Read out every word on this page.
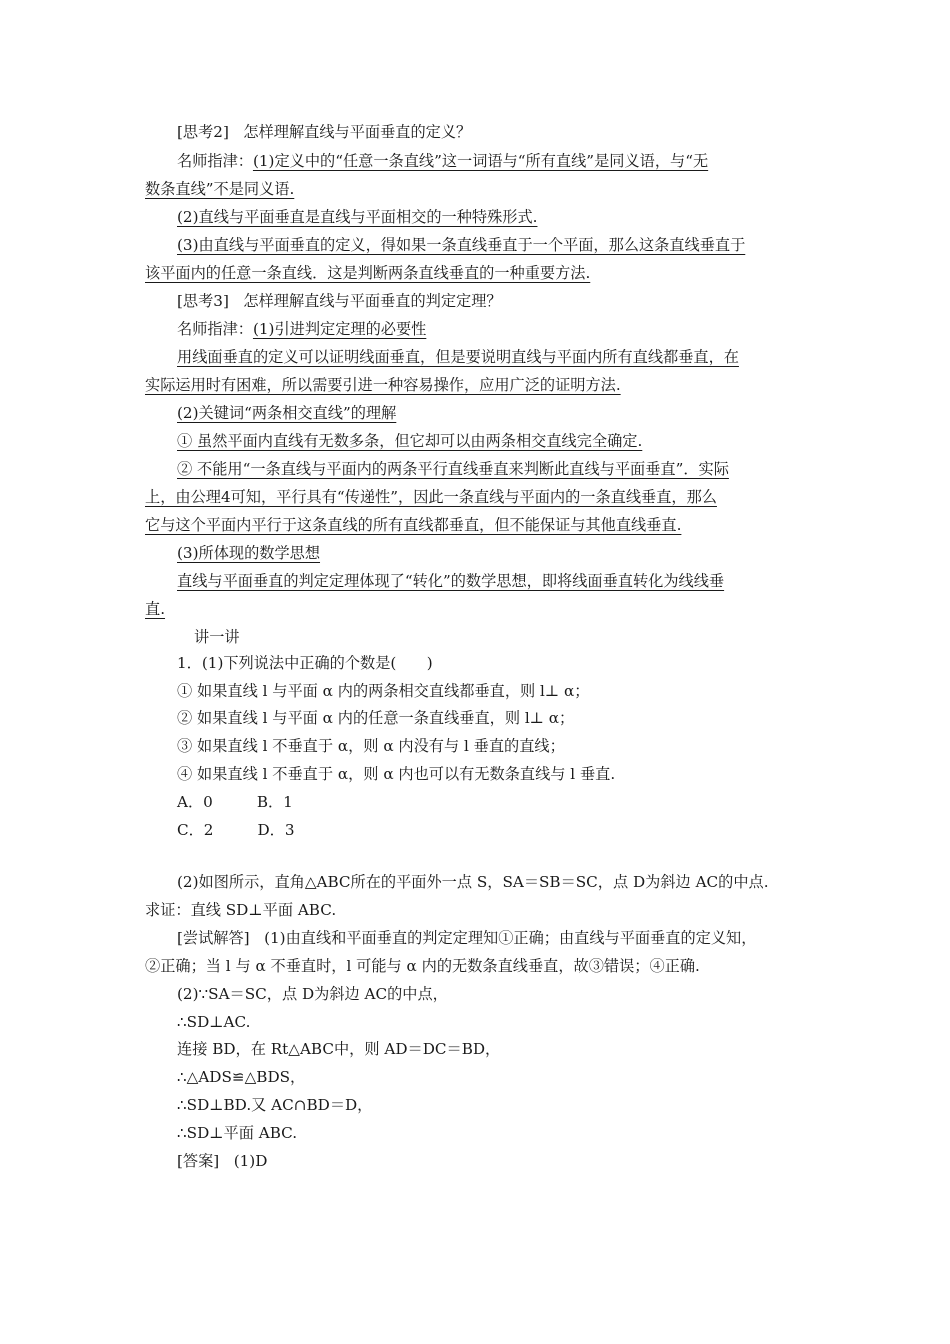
[思考2] 怎样理解直线与平面垂直的定义？
名师指津：(1)定义中的“任意一条直线”这一词语与“所有直线”是同义语，与“无
数条直线”不是同义语.
(2)直线与平面垂直是直线与平面相交的一种特殊形式.
(3)由直线与平面垂直的定义，得如果一条直线垂直于一个平面，那么这条直线垂直于
该平面内的任意一条直线．这是判断两条直线垂直的一种重要方法.
[思考3] 怎样理解直线与平面垂直的判定定理？
名师指津：(1)引进判定定理的必要性
用线面垂直的定义可以证明线面垂直，但是要说明直线与平面内所有直线都垂直，在
实际运用时有困难，所以需要引进一种容易操作，应用广泛的证明方法.
(2)关键词“两条相交直线”的理解
① 虽然平面内直线有无数多条，但它却可以由两条相交直线完全确定.
② 不能用“一条直线与平面内的两条平行直线垂直来判断此直线与平面垂直”．实际
上，由公理4可知，平行具有“传递性”，因此一条直线与平面内的一条直线垂直，那么
它与这个平面内平行于这条直线的所有直线都垂直，但不能保证与其他直线垂直.
(3)所体现的数学思想
直线与平面垂直的判定定理体现了“转化”的数学思想，即将线面垂直转化为线线垂
直.
讲一讲
1．(1)下列说法中正确的个数是(　　)
① 如果直线 l 与平面 α 内的两条相交直线都垂直，则 l⊥ α；
② 如果直线 l 与平面 α 内的任意一条直线垂直，则 l⊥ α；
③ 如果直线 l 不垂直于 α，则 α 内没有与 l 垂直的直线；
④ 如果直线 l 不垂直于 α，则 α 内也可以有无数条直线与 l 垂直.
A．0	B．1
C．2	D．3
(2)如图所示，直角△ABC所在的平面外一点 S，SA＝SB＝SC，点 D为斜边 AC的中点.
求证：直线 SD⊥平面 ABC.
[尝试解答] (1)由直线和平面垂直的判定定理知①正确；由直线与平面垂直的定义知，
②正确；当 l 与 α 不垂直时，l 可能与 α 内的无数条直线垂直，故③错误；④正确.
(2)∵SA＝SC，点 D为斜边 AC的中点，
∴SD⊥AC.
连接 BD，在 Rt△ABC中，则 AD＝DC＝BD，
∴△ADS≌△BDS，
∴SD⊥BD.又 AC∩BD＝D，
∴SD⊥平面 ABC.
[答案] (1)D
